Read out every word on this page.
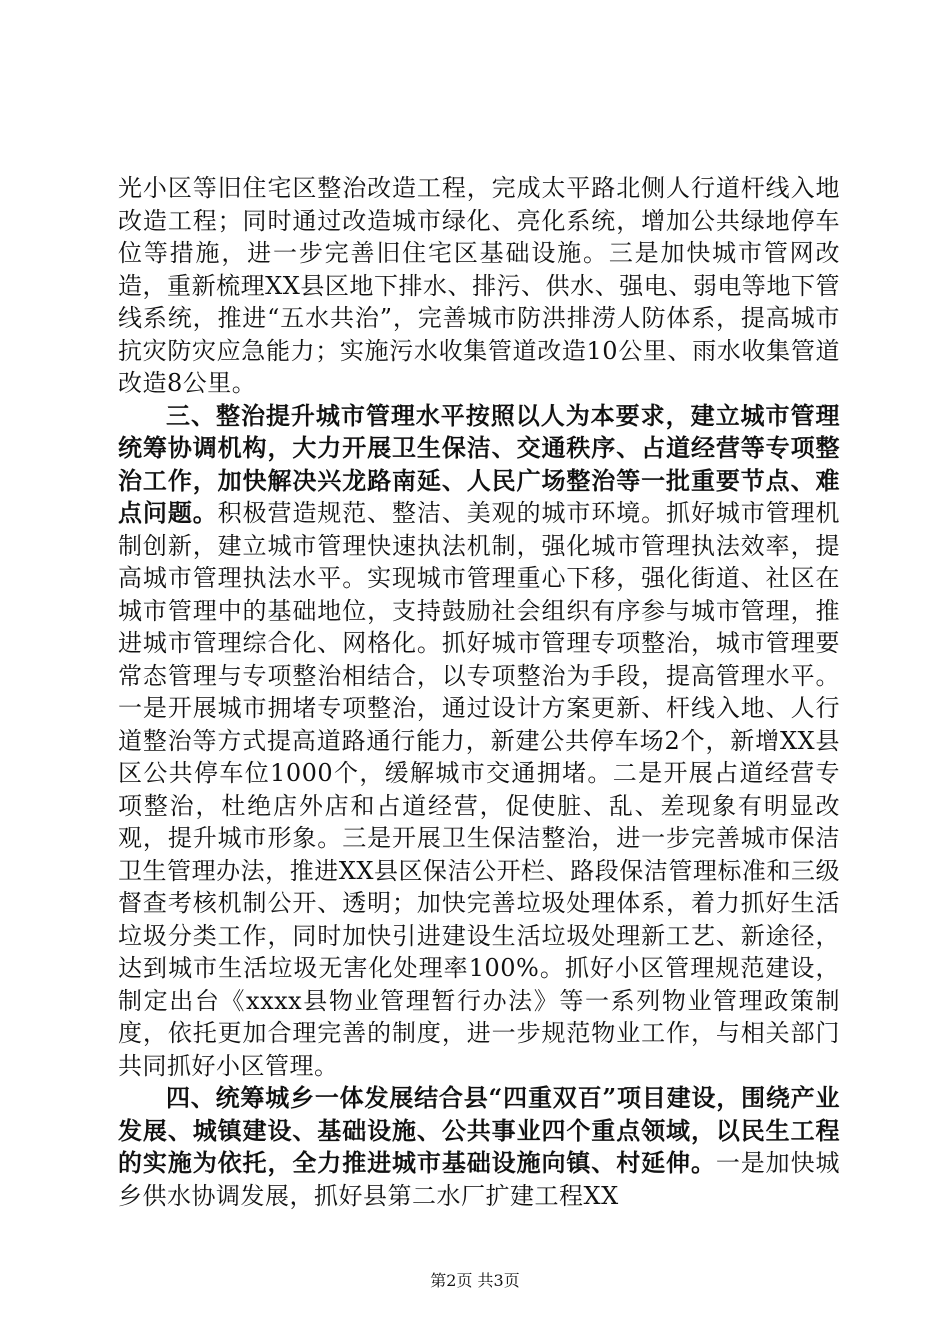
光小区等旧住宅区整治改造工程，完成太平路北侧人行道杆线入地改造工程；同时通过改造城市绿化、亮化系统，增加公共绿地停车位等措施，进一步完善旧住宅区基础设施。三是加快城市管网改造，重新梳理XX县区地下排水、排污、供水、强电、弱电等地下管线系统，推进“五水共治”，完善城市防洪排涝人防体系，提高城市抗灾防灾应急能力；实施污水收集管道改造10公里、雨水收集管道改造8公里。

三、整治提升城市管理水平按照以人为本要求，建立城市管理统筹协调机构，大力开展卫生保洁、交通秩序、占道经营等专项整治工作，加快解决兴龙路南延、人民广场整治等一批重要节点、难点问题。积极营造规范、整洁、美观的城市环境。抓好城市管理机制创新，建立城市管理快速执法机制，强化城市管理执法效率，提高城市管理执法水平。实现城市管理重心下移，强化街道、社区在城市管理中的基础地位，支持鼓励社会组织有序参与城市管理，推进城市管理综合化、网格化。抓好城市管理专项整治，城市管理要常态管理与专项整治相结合，以专项整治为手段，提高管理水平。一是开展城市拥堵专项整治，通过设计方案更新、杆线入地、人行道整治等方式提高道路通行能力，新建公共停车场2个，新增XX县区公共停车位1000个，缓解城市交通拥堵。二是开展占道经营专项整治，杜绝店外店和占道经营，促使脏、乱、差现象有明显改观，提升城市形象。三是开展卫生保洁整治，进一步完善城市保洁卫生管理办法，推进XX县区保洁公开栏、路段保洁管理标准和三级督查考核机制公开、透明；加快完善垃圾处理体系，着力抓好生活垃圾分类工作，同时加快引进建设生活垃圾处理新工艺、新途径，达到城市生活垃圾无害化处理率100%。抓好小区管理规范建设，制定出台《xxxx县物业管理暂行办法》等一系列物业管理政策制度，依托更加合理完善的制度，进一步规范物业工作，与相关部门共同抓好小区管理。

四、统筹城乡一体发展结合县“四重双百”项目建设，围绕产业发展、城镇建设、基础设施、公共事业四个重点领域，以民生工程的实施为依托，全力推进城市基础设施向镇、村延伸。一是加快城乡供水协调发展，抓好县第二水厂扩建工程XX

第2页 共3页
